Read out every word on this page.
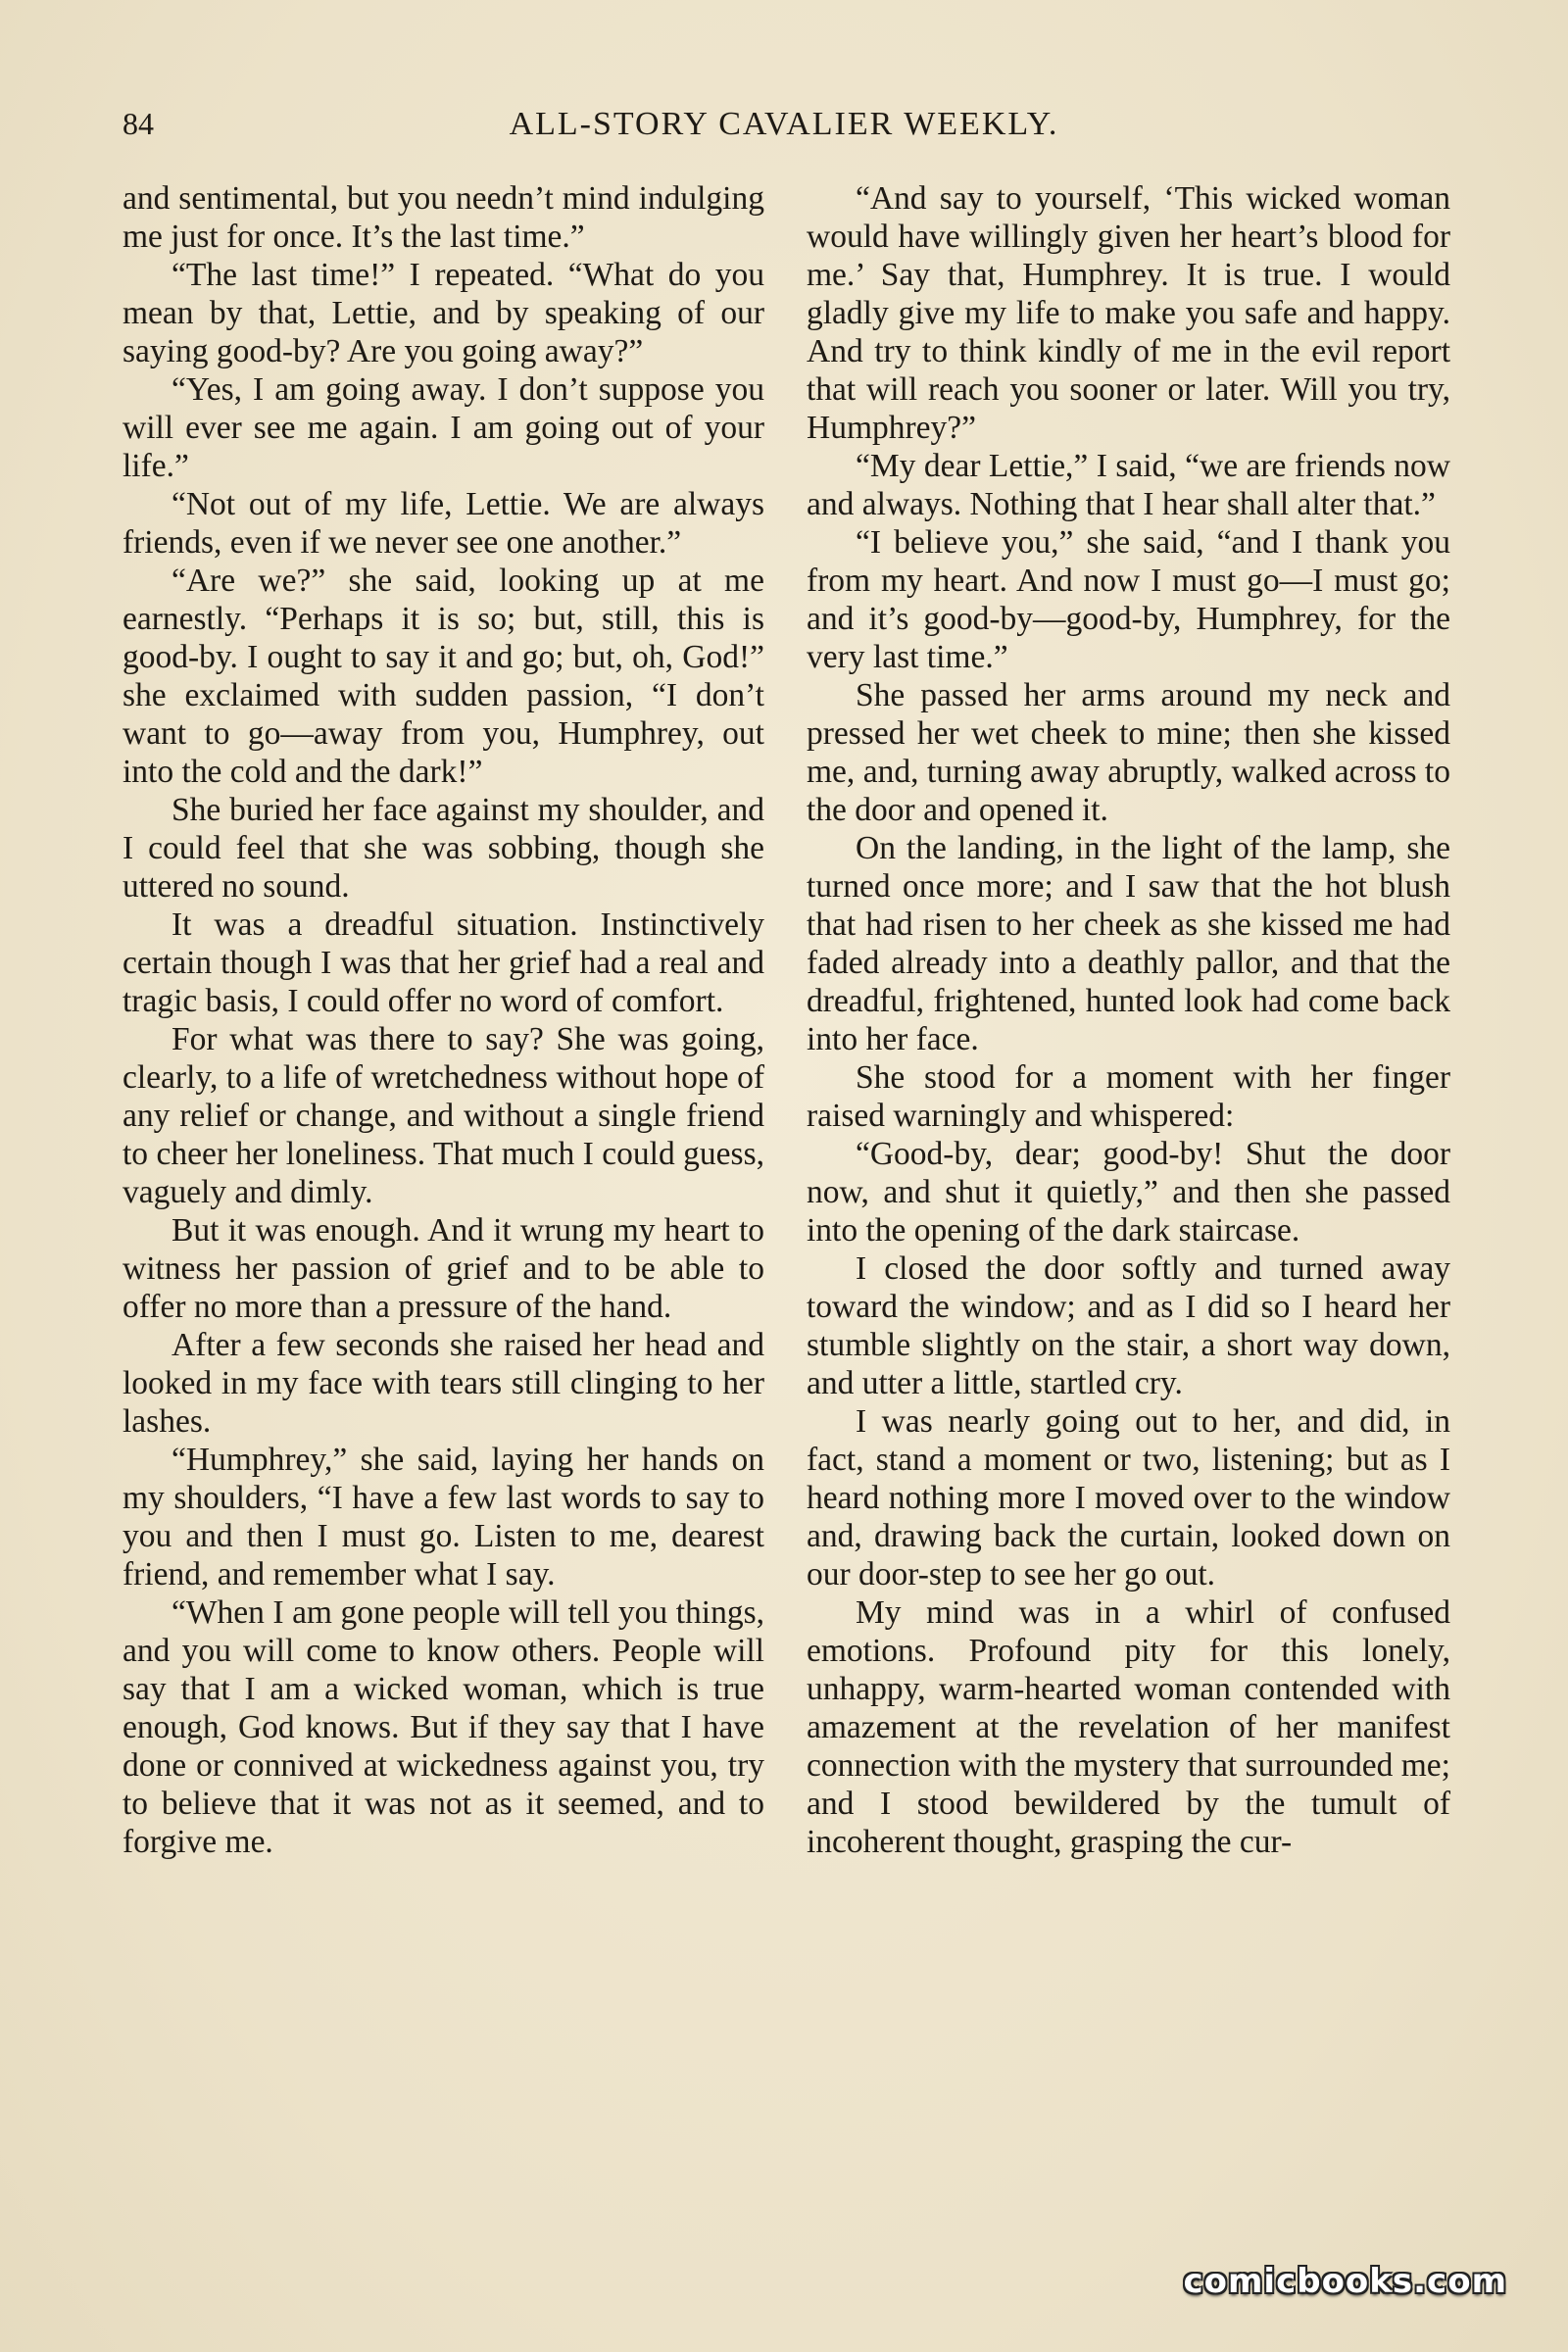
84	ALL-STORY CAVALIER WEEKLY.

and sentimental, but you needn’t mind indulging me just for once. It’s the last time.”

“The last time!” I repeated. “What do you mean by that, Lettie, and by speaking of our saying good-by? Are you going away?”

“Yes, I am going away. I don’t suppose you will ever see me again. I am going out of your life.”

“Not out of my life, Lettie. We are always friends, even if we never see one another.”

“Are we?” she said, looking up at me earnestly. “Perhaps it is so; but, still, this is good-by. I ought to say it and go; but, oh, God!” she exclaimed with sudden passion, “I don’t want to go—away from you, Humphrey, out into the cold and the dark!”

She buried her face against my shoulder, and I could feel that she was sobbing, though she uttered no sound.

It was a dreadful situation. Instinctively certain though I was that her grief had a real and tragic basis, I could offer no word of comfort.

For what was there to say? She was going, clearly, to a life of wretchedness without hope of any relief or change, and without a single friend to cheer her loneliness. That much I could guess, vaguely and dimly.

But it was enough. And it wrung my heart to witness her passion of grief and to be able to offer no more than a pressure of the hand.

After a few seconds she raised her head and looked in my face with tears still clinging to her lashes.

“Humphrey,” she said, laying her hands on my shoulders, “I have a few last words to say to you and then I must go. Listen to me, dearest friend, and remember what I say.

“When I am gone people will tell you things, and you will come to know others. People will say that I am a wicked woman, which is true enough, God knows. But if they say that I have done or connived at wickedness against you, try to believe that it was not as it seemed, and to forgive me.

“And say to yourself, ‘This wicked woman would have willingly given her heart’s blood for me.’ Say that, Humphrey. It is true. I would gladly give my life to make you safe and happy. And try to think kindly of me in the evil report that will reach you sooner or later. Will you try, Humphrey?”

“My dear Lettie,” I said, “we are friends now and always. Nothing that I hear shall alter that.”

“I believe you,” she said, “and I thank you from my heart. And now I must go—I must go; and it’s good-by—good-by, Humphrey, for the very last time.”

She passed her arms around my neck and pressed her wet cheek to mine; then she kissed me, and, turning away abruptly, walked across to the door and opened it.

On the landing, in the light of the lamp, she turned once more; and I saw that the hot blush that had risen to her cheek as she kissed me had faded already into a deathly pallor, and that the dreadful, frightened, hunted look had come back into her face.

She stood for a moment with her finger raised warningly and whispered:

“Good-by, dear; good-by! Shut the door now, and shut it quietly,” and then she passed into the opening of the dark staircase.

I closed the door softly and turned away toward the window; and as I did so I heard her stumble slightly on the stair, a short way down, and utter a little, startled cry.

I was nearly going out to her, and did, in fact, stand a moment or two, listening; but as I heard nothing more I moved over to the window and, drawing back the curtain, looked down on our door-step to see her go out.

My mind was in a whirl of confused emotions. Profound pity for this lonely, unhappy, warm-hearted woman contended with amazement at the revelation of her manifest connection with the mystery that surrounded me; and I stood bewildered by the tumult of incoherent thought, grasping the cur-

comicbooks.com
